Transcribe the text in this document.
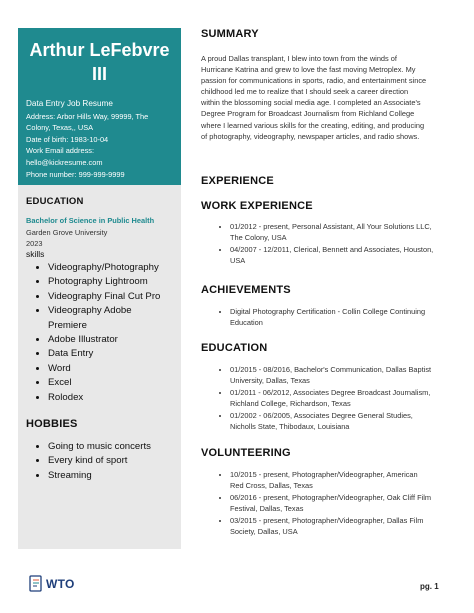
Arthur LeFebvre
III
Data Entry Job Resume
Address: Arbor Hills Way, 99999, The
Colony, Texas,, USA
Date of birth: 1983-10-04
Work Email address:
hello@kickresume.com
Phone number: 999-999-9999
EDUCATION
Bachelor of Science in Public Health
Garden Grove University
2023
skills
• Videography/Photography
• Photography Lightroom
• Videography Final Cut Pro
• Videography Adobe
Premiere
• Adobe Illustrator
• Data Entry
• Word
• Excel
• Rolodex
HOBBIES
• Going to music concerts
• Every kind of sport
• Streaming
SUMMARY
A proud Dallas transplant, I blew into town from the winds of
Hurricane Katrina and grew to love the fast moving Metroplex. My
passion for communications in sports, radio, and entertainment since
childhood led me to realize that I should seek a career direction
within the blossoming social media age. I completed an Associate's
Degree Program for Broadcast Journalism from Richland College
where I learned various skills for the creating, editing, and producing
of photography, videography, newspaper articles, and radio shows.
EXPERIENCE
WORK EXPERIENCE
• 01/2012 - present, Personal Assistant, All Your Solutions LLC,
The Colony, USA
• 04/2007 - 12/2011, Clerical, Bennett and Associates, Houston,
USA
ACHIEVEMENTS
• Digital Photography Certification - Collin College Continuing
Education
EDUCATION
• 01/2015 - 08/2016, Bachelor's Communication, Dallas Baptist
University, Dallas, Texas
• 01/2011 - 06/2012, Associates Degree Broadcast Journalism,
Richland College, Richardson, Texas
• 01/2002 - 06/2005, Associates Degree General Studies,
Nicholls State, Thibodaux, Louisiana
VOLUNTEERING
• 10/2015 - present, Photographer/Videographer, American
Red Cross, Dallas, Texas
• 06/2016 - present, Photographer/Videographer, Oak Cliff Film
Festival, Dallas, Texas
• 03/2015 - present, Photographer/Videographer, Dallas Film
Society, Dallas, USA
WTO	pg. 1
